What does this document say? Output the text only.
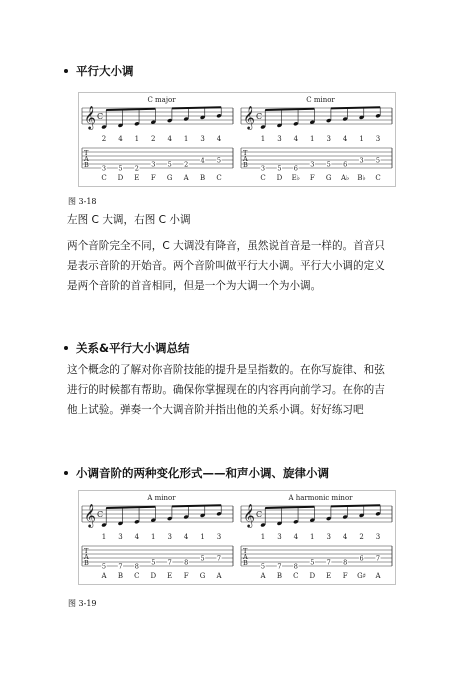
平行大小调
C major
𝄞 C
2 4 1 2 4 1 3 4
T
A
B 3 5 2 3 5 2 4 5
C D E F G A B C
C minor
𝄞 C
1 3 4 1 3 4 1 3
T
A
B 3 5 6 3 5 6 3 5
C D E♭ F G A♭ B♭ C
图 3-18
左图 C 大调，右图 C 小调

两个音阶完全不同，C 大调没有降音，虽然说首音是一样的。首音只

是表示音阶的开始音。两个音阶叫做平行大小调。平行大小调的定义

是两个音阶的首音相同，但是一个为大调一个为小调。

关系&平行大小调总结

这个概念的了解对你音阶技能的提升是呈指数的。在你写旋律、和弦

进行的时候都有帮助。确保你掌握现在的内容再向前学习。在你的吉

他上试验。弹奏一个大调音阶并指出他的关系小调。好好练习吧

小调音阶的两种变化形式——和声小调、旋律小调
A minor
𝄞 C
1 3 4 1 3 4 1 3
T
A
B 5 7 8 5 7 8 5 7
A B C D E F G A
A harmonic minor
𝄞 C
1 3 4 1 3 4 2 3
T
A
B 5 7 8 5 7 8 6 7
A B C D E F G♯ A
图 3-19
